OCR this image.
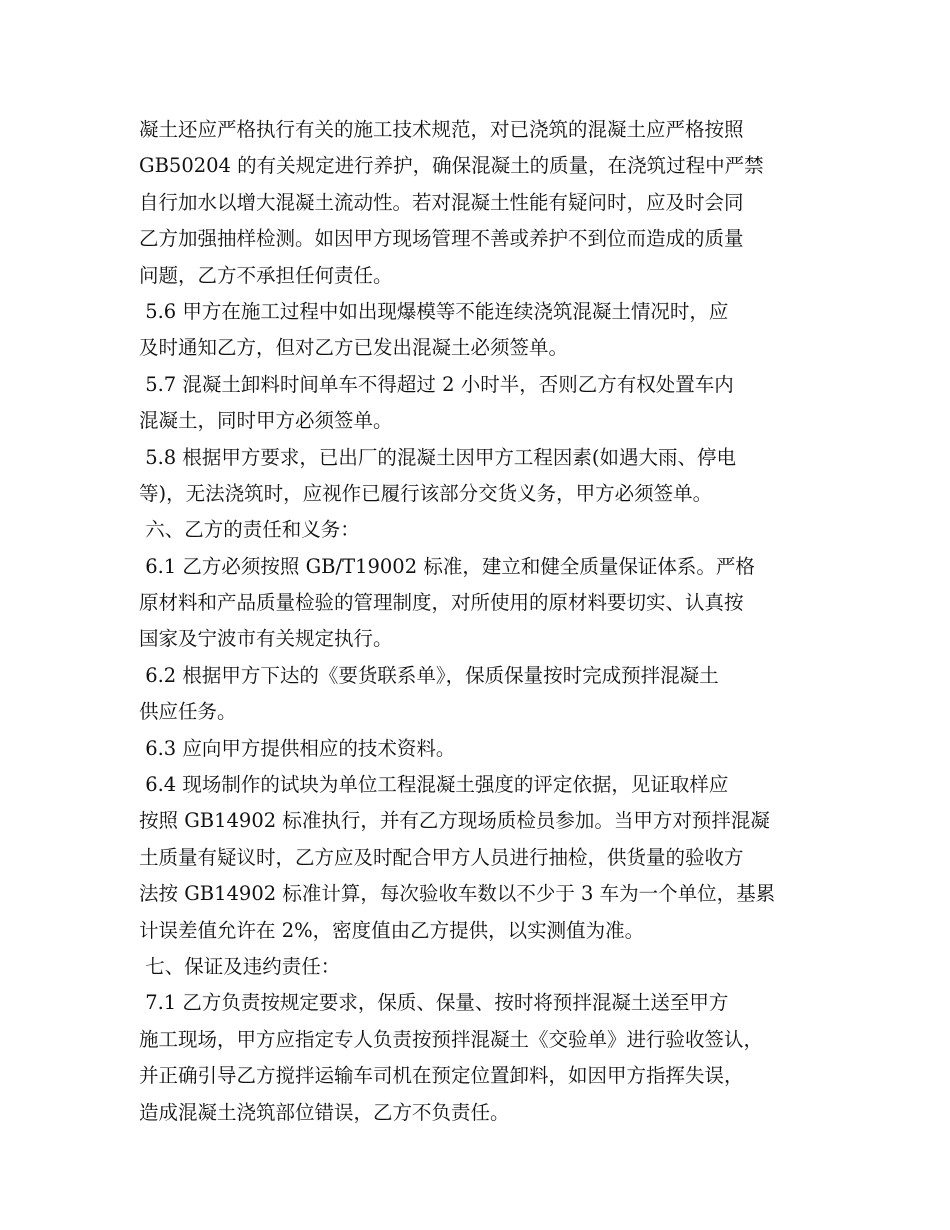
凝土还应严格执行有关的施工技术规范，对已浇筑的混凝土应严格按照
GB50204 的有关规定进行养护，确保混凝土的质量，在浇筑过程中严禁
自行加水以增大混凝土流动性。若对混凝土性能有疑问时，应及时会同
乙方加强抽样检测。如因甲方现场管理不善或养护不到位而造成的质量
问题，乙方不承担任何责任。
5.6 甲方在施工过程中如出现爆模等不能连续浇筑混凝土情况时，应
及时通知乙方，但对乙方已发出混凝土必须签单。
5.7 混凝土卸料时间单车不得超过 2 小时半，否则乙方有权处置车内
混凝土，同时甲方必须签单。
5.8 根据甲方要求，已出厂的混凝土因甲方工程因素(如遇大雨、停电
等)，无法浇筑时，应视作已履行该部分交货义务，甲方必须签单。
六、乙方的责任和义务：
6.1 乙方必须按照 GB/T19002 标准，建立和健全质量保证体系。严格
原材料和产品质量检验的管理制度，对所使用的原材料要切实、认真按
国家及宁波市有关规定执行。
6.2 根据甲方下达的《要货联系单》，保质保量按时完成预拌混凝土
供应任务。
6.3 应向甲方提供相应的技术资料。
6.4 现场制作的试块为单位工程混凝土强度的评定依据，见证取样应
按照 GB14902 标准执行，并有乙方现场质检员参加。当甲方对预拌混凝
土质量有疑议时，乙方应及时配合甲方人员进行抽检，供货量的验收方
法按 GB14902 标准计算，每次验收车数以不少于 3 车为一个单位，基累
计误差值允许在 2%，密度值由乙方提供，以实测值为准。
七、保证及违约责任：
7.1 乙方负责按规定要求，保质、保量、按时将预拌混凝土送至甲方
施工现场，甲方应指定专人负责按预拌混凝土《交验单》进行验收签认，
并正确引导乙方搅拌运输车司机在预定位置卸料，如因甲方指挥失误，
造成混凝土浇筑部位错误，乙方不负责任。
